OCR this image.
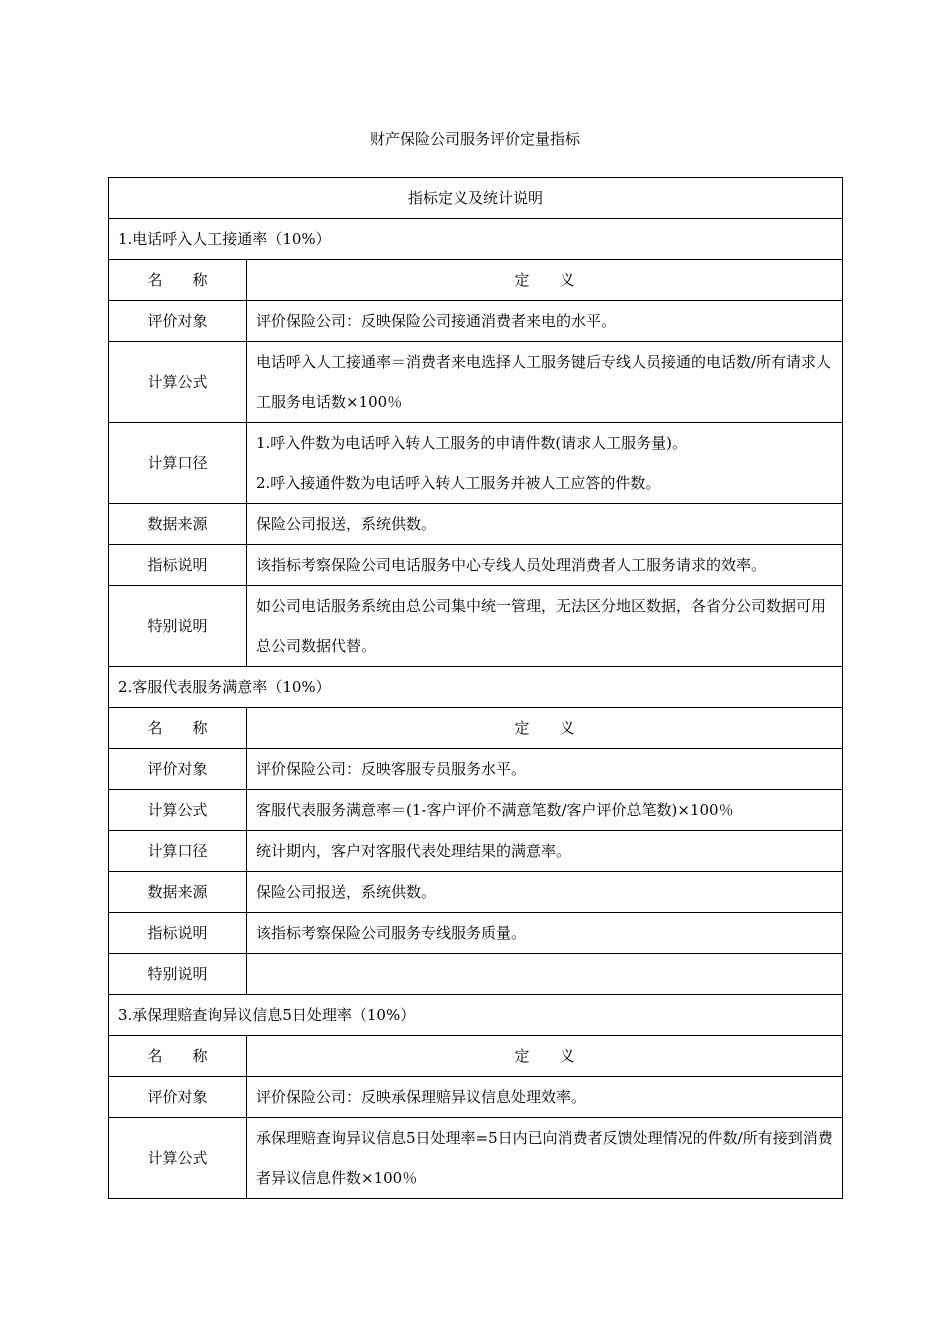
财产保险公司服务评价定量指标
指标定义及统计说明	
1.电话呼入人工接通率（10%）	
名　　称	定　　义
评价对象	评价保险公司：反映保险公司接通消费者来电的水平。
计算公式	电话呼入人工接通率＝消费者来电选择人工服务键后专线人员接通的电话数/所有请求人工服务电话数×100％
计算口径	1.呼入件数为电话呼入转人工服务的申请件数(请求人工服务量)。

2.呼入接通件数为电话呼入转人工服务并被人工应答的件数。

数据来源	保险公司报送，系统供数。
指标说明	该指标考察保险公司电话服务中心专线人员处理消费者人工服务请求的效率。
特别说明	如公司电话服务系统由总公司集中统一管理，无法区分地区数据，各省分公司数据可用总公司数据代替。
2.客服代表服务满意率（10%）	
名　　称	定　　义
评价对象	评价保险公司：反映客服专员服务水平。
计算公式	客服代表服务满意率＝(1-客户评价不满意笔数/客户评价总笔数)×100％
计算口径	统计期内，客户对客服代表处理结果的满意率。
数据来源	保险公司报送，系统供数。
指标说明	该指标考察保险公司服务专线服务质量。
特别说明	
3.承保理赔查询异议信息5日处理率（10%）	
名　　称	定　　义
评价对象	评价保险公司：反映承保理赔异议信息处理效率。
计算公式	承保理赔查询异议信息5日处理率=5日内已向消费者反馈处理情况的件数/所有接到消费者异议信息件数×100％
